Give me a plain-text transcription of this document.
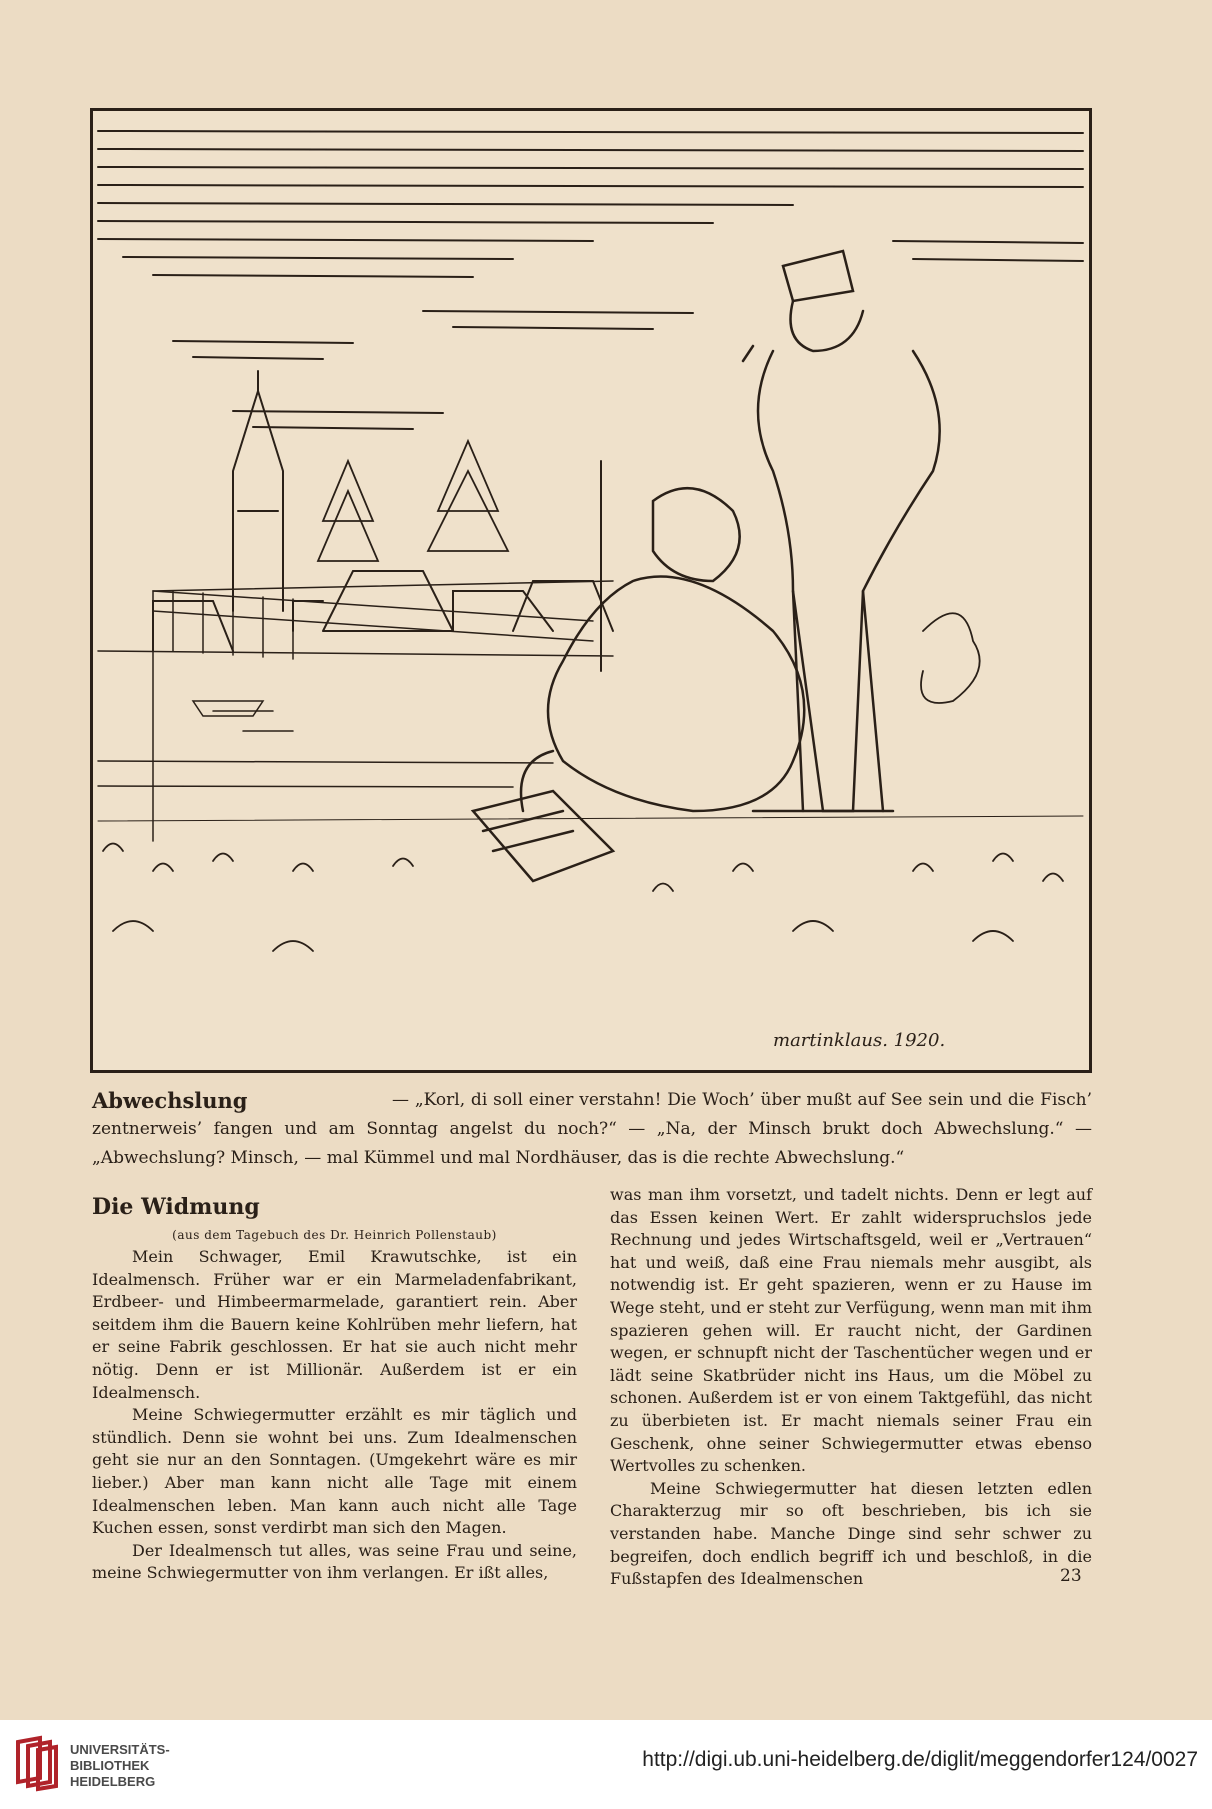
martinklaus. 1920.
Abwechslung	— „Korl, di soll einer verstahn! Die Woch’ über mußt auf See sein und die Fisch’ zentnerweis’ fangen und am Sonntag angelst du noch?“ — „Na, der Minsch brukt doch Abwechslung.“ — „Abwechslung? Minsch, — mal Kümmel und mal Nordhäuser, das is die rechte Abwechslung.“
Die Widmung
(aus dem Tagebuch des Dr. Heinrich Pollenstaub)

Mein Schwager, Emil Krawutschke, ist ein Idealmensch. Früher war er ein Marmeladenfabrikant, Erdbeer- und Himbeermarmelade, garantiert rein. Aber seitdem ihm die Bauern keine Kohlrüben mehr liefern, hat er seine Fabrik geschlossen. Er hat sie auch nicht mehr nötig. Denn er ist Millionär. Außerdem ist er ein Idealmensch.

Meine Schwiegermutter erzählt es mir täglich und stündlich. Denn sie wohnt bei uns. Zum Idealmenschen geht sie nur an den Sonntagen. (Umgekehrt wäre es mir lieber.) Aber man kann nicht alle Tage mit einem Idealmenschen leben. Man kann auch nicht alle Tage Kuchen essen, sonst verdirbt man sich den Magen.

Der Idealmensch tut alles, was seine Frau und seine, meine Schwiegermutter von ihm verlangen. Er ißt alles,

was man ihm vorsetzt, und tadelt nichts. Denn er legt auf das Essen keinen Wert. Er zahlt widerspruchslos jede Rechnung und jedes Wirtschaftsgeld, weil er „Vertrauen“ hat und weiß, daß eine Frau niemals mehr ausgibt, als notwendig ist. Er geht spazieren, wenn er zu Hause im Wege steht, und er steht zur Verfügung, wenn man mit ihm spazieren gehen will. Er raucht nicht, der Gardinen wegen, er schnupft nicht der Taschentücher wegen und er lädt seine Skatbrüder nicht ins Haus, um die Möbel zu schonen. Außerdem ist er von einem Taktgefühl, das nicht zu überbieten ist. Er macht niemals seiner Frau ein Geschenk, ohne seiner Schwiegermutter etwas ebenso Wertvolles zu schenken.

Meine Schwiegermutter hat diesen letzten edlen Charakterzug mir so oft beschrieben, bis ich sie verstanden habe. Manche Dinge sind sehr schwer zu begreifen, doch endlich begriff ich und beschloß, in die Fußstapfen des Idealmenschen	23
UNIVERSITÄTS-
BIBLIOTHEK
HEIDELBERG
http://digi.ub.uni-heidelberg.de/diglit/meggendorfer124/0027
